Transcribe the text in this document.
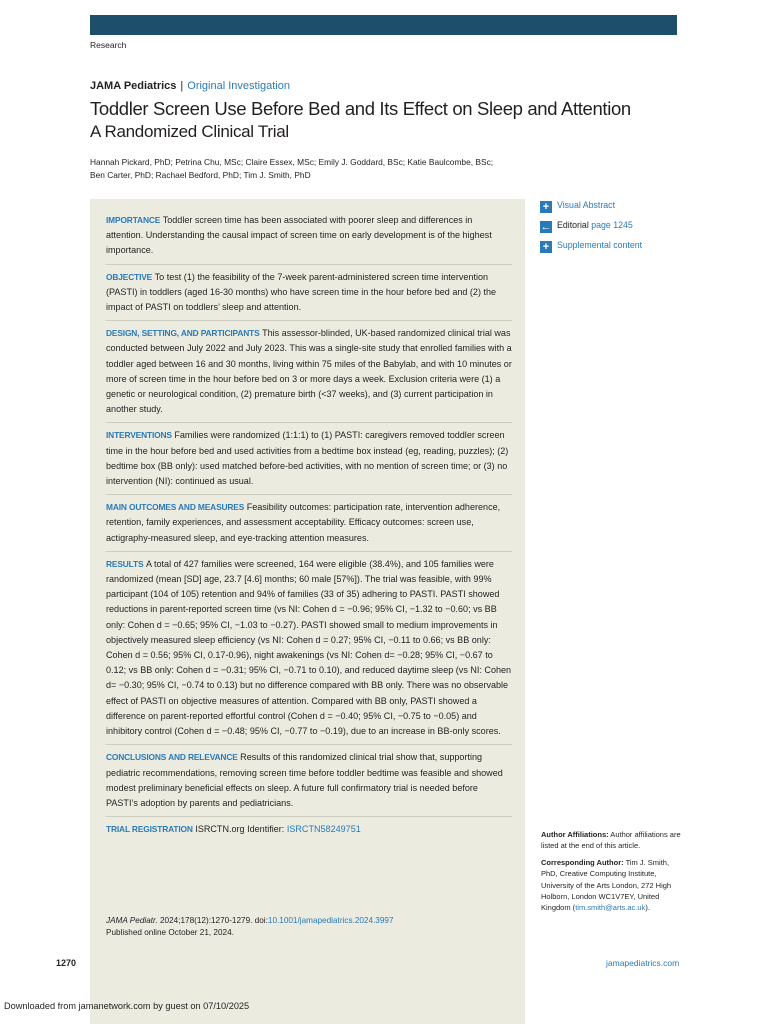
Research
JAMA Pediatrics | Original Investigation
Toddler Screen Use Before Bed and Its Effect on Sleep and Attention
A Randomized Clinical Trial
Hannah Pickard, PhD; Petrina Chu, MSc; Claire Essex, MSc; Emily J. Goddard, BSc; Katie Baulcombe, BSc;
Ben Carter, PhD; Rachael Bedford, PhD; Tim J. Smith, PhD
IMPORTANCE Toddler screen time has been associated with poorer sleep and differences in attention. Understanding the causal impact of screen time on early development is of the highest importance.
OBJECTIVE To test (1) the feasibility of the 7-week parent-administered screen time intervention (PASTI) in toddlers (aged 16-30 months) who have screen time in the hour before bed and (2) the impact of PASTI on toddlers’ sleep and attention.
DESIGN, SETTING, AND PARTICIPANTS This assessor-blinded, UK-based randomized clinical trial was conducted between July 2022 and July 2023. This was a single-site study that enrolled families with a toddler aged between 16 and 30 months, living within 75 miles of the Babylab, and with 10 minutes or more of screen time in the hour before bed on 3 or more days a week. Exclusion criteria were (1) a genetic or neurological condition, (2) premature birth (<37 weeks), and (3) current participation in another study.
INTERVENTIONS Families were randomized (1:1:1) to (1) PASTI: caregivers removed toddler screen time in the hour before bed and used activities from a bedtime box instead (eg, reading, puzzles); (2) bedtime box (BB only): used matched before-bed activities, with no mention of screen time; or (3) no intervention (NI): continued as usual.
MAIN OUTCOMES AND MEASURES Feasibility outcomes: participation rate, intervention adherence, retention, family experiences, and assessment acceptability. Efficacy outcomes: screen use, actigraphy-measured sleep, and eye-tracking attention measures.
RESULTS A total of 427 families were screened, 164 were eligible (38.4%), and 105 families were randomized (mean [SD] age, 23.7 [4.6] months; 60 male [57%]). The trial was feasible, with 99% participant (104 of 105) retention and 94% of families (33 of 35) adhering to PASTI. PASTI showed reductions in parent-reported screen time (vs NI: Cohen d = −0.96; 95% CI, −1.32 to −0.60; vs BB only: Cohen d = −0.65; 95% CI, −1.03 to −0.27). PASTI showed small to medium improvements in objectively measured sleep efficiency (vs NI: Cohen d = 0.27; 95% CI, −0.11 to 0.66; vs BB only: Cohen d = 0.56; 95% CI, 0.17-0.96), night awakenings (vs NI: Cohen d= −0.28; 95% CI, −0.67 to 0.12; vs BB only: Cohen d = −0.31; 95% CI, −0.71 to 0.10), and reduced daytime sleep (vs NI: Cohen d= −0.30; 95% CI, −0.74 to 0.13) but no difference compared with BB only. There was no observable effect of PASTI on objective measures of attention. Compared with BB only, PASTI showed a difference on parent-reported effortful control (Cohen d = −0.40; 95% CI, −0.75 to −0.05) and inhibitory control (Cohen d = −0.48; 95% CI, −0.77 to −0.19), due to an increase in BB-only scores.
CONCLUSIONS AND RELEVANCE Results of this randomized clinical trial show that, supporting pediatric recommendations, removing screen time before toddler bedtime was feasible and showed modest preliminary beneficial effects on sleep. A future full confirmatory trial is needed before PASTI’s adoption by parents and pediatricians.
TRIAL REGISTRATION ISRCTN.org Identifier: ISRCTN58249751
JAMA Pediatr. 2024;178(12):1270-1279. doi:10.1001/jamapediatrics.2024.3997
Published online October 21, 2024.
+ Visual Abstract
← Editorial page 1245
+ Supplemental content

Author Affiliations: Author affiliations are listed at the end of this article.

Corresponding Author: Tim J. Smith, PhD, Creative Computing Institute, University of the Arts London, 272 High Holborn, London WC1V7EY, United Kingdom (tim.smith@arts.ac.uk).

1270	jamapediatrics.com
Downloaded from jamanetwork.com by guest on 07/10/2025
